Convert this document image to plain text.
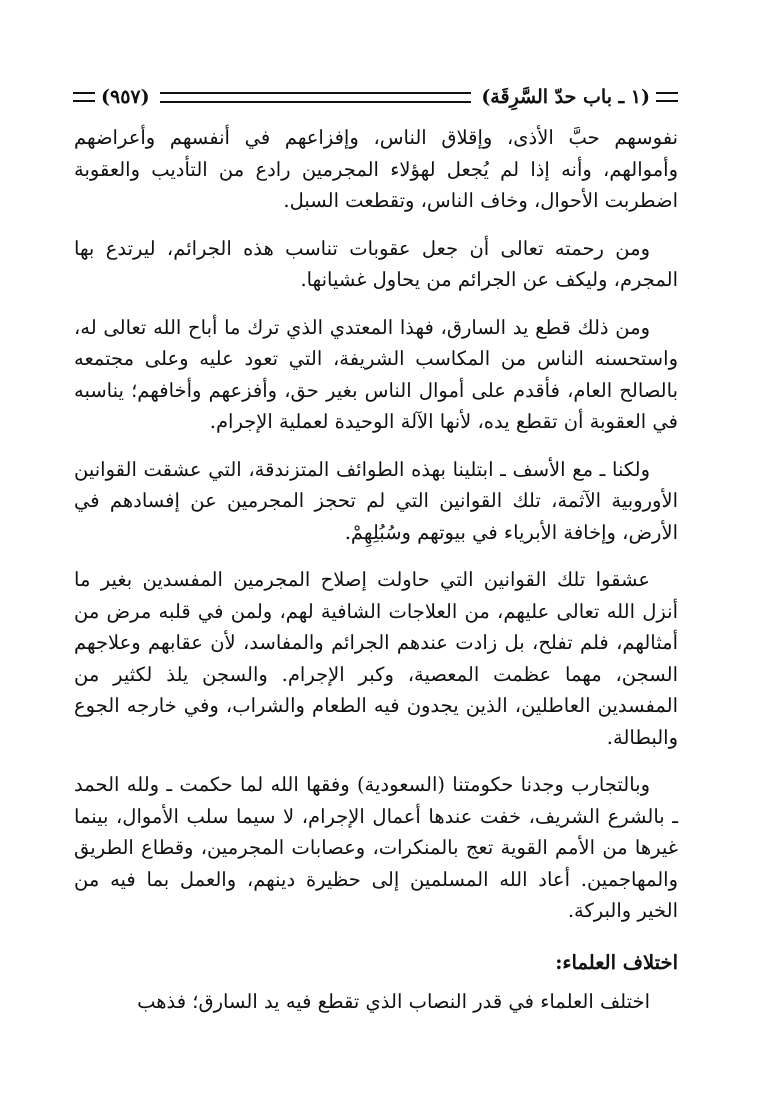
(١ ـ باب حدّ السَّرِقَة)
(٩٥٧)

نفوسهم حبَّ الأذى، وإقلاق الناس، وإفزاعهم في أنفسهم وأعراضهم وأموالهم، وأنه إذا لم يُجعل لهؤلاء المجرمين رادع من التأديب والعقوبة اضطربت الأحوال، وخاف الناس، وتقطعت السبل.

ومن رحمته تعالى أن جعل عقوبات تناسب هذه الجرائم، ليرتدع بها المجرم، وليكف عن الجرائم من يحاول غشيانها.

ومن ذلك قطع يد السارق، فهذا المعتدي الذي ترك ما أباح الله تعالى له، واستحسنه الناس من المكاسب الشريفة، التي تعود عليه وعلى مجتمعه بالصالح العام، فأقدم على أموال الناس بغير حق، وأفزعهم وأخافهم؛ يناسبه في العقوبة أن تقطع يده، لأنها الآلة الوحيدة لعملية الإجرام.

ولكنا ـ مع الأسف ـ ابتلينا بهذه الطوائف المتزندقة، التي عشقت القوانين الأوروبية الآثمة، تلك القوانين التي لم تحجز المجرمين عن إفسادهم في الأرض، وإخافة الأبرياء في بيوتهم وسُبُلِهِمْ.

عشقوا تلك القوانين التي حاولت إصلاح المجرمين المفسدين بغير ما أنزل الله تعالى عليهم، من العلاجات الشافية لهم، ولمن في قلبه مرض من أمثالهم، فلم تفلح، بل زادت عندهم الجرائم والمفاسد، لأن عقابهم وعلاجهم السجن، مهما عظمت المعصية، وكبر الإجرام. والسجن يلذ لكثير من المفسدين العاطلين، الذين يجدون فيه الطعام والشراب، وفي خارجه الجوع والبطالة.

وبالتجارب وجدنا حكومتنا (السعودية) وفقها الله لما حكمت ـ ولله الحمد ـ بالشرع الشريف، خفت عندها أعمال الإجرام، لا سيما سلب الأموال، بينما غيرها من الأمم القوية تعج بالمنكرات، وعصابات المجرمين، وقطاع الطريق والمهاجمين. أعاد الله المسلمين إلى حظيرة دينهم، والعمل بما فيه من الخير والبركة.

اختلاف العلماء:

اختلف العلماء في قدر النصاب الذي تقطع فيه يد السارق؛ فذهب
